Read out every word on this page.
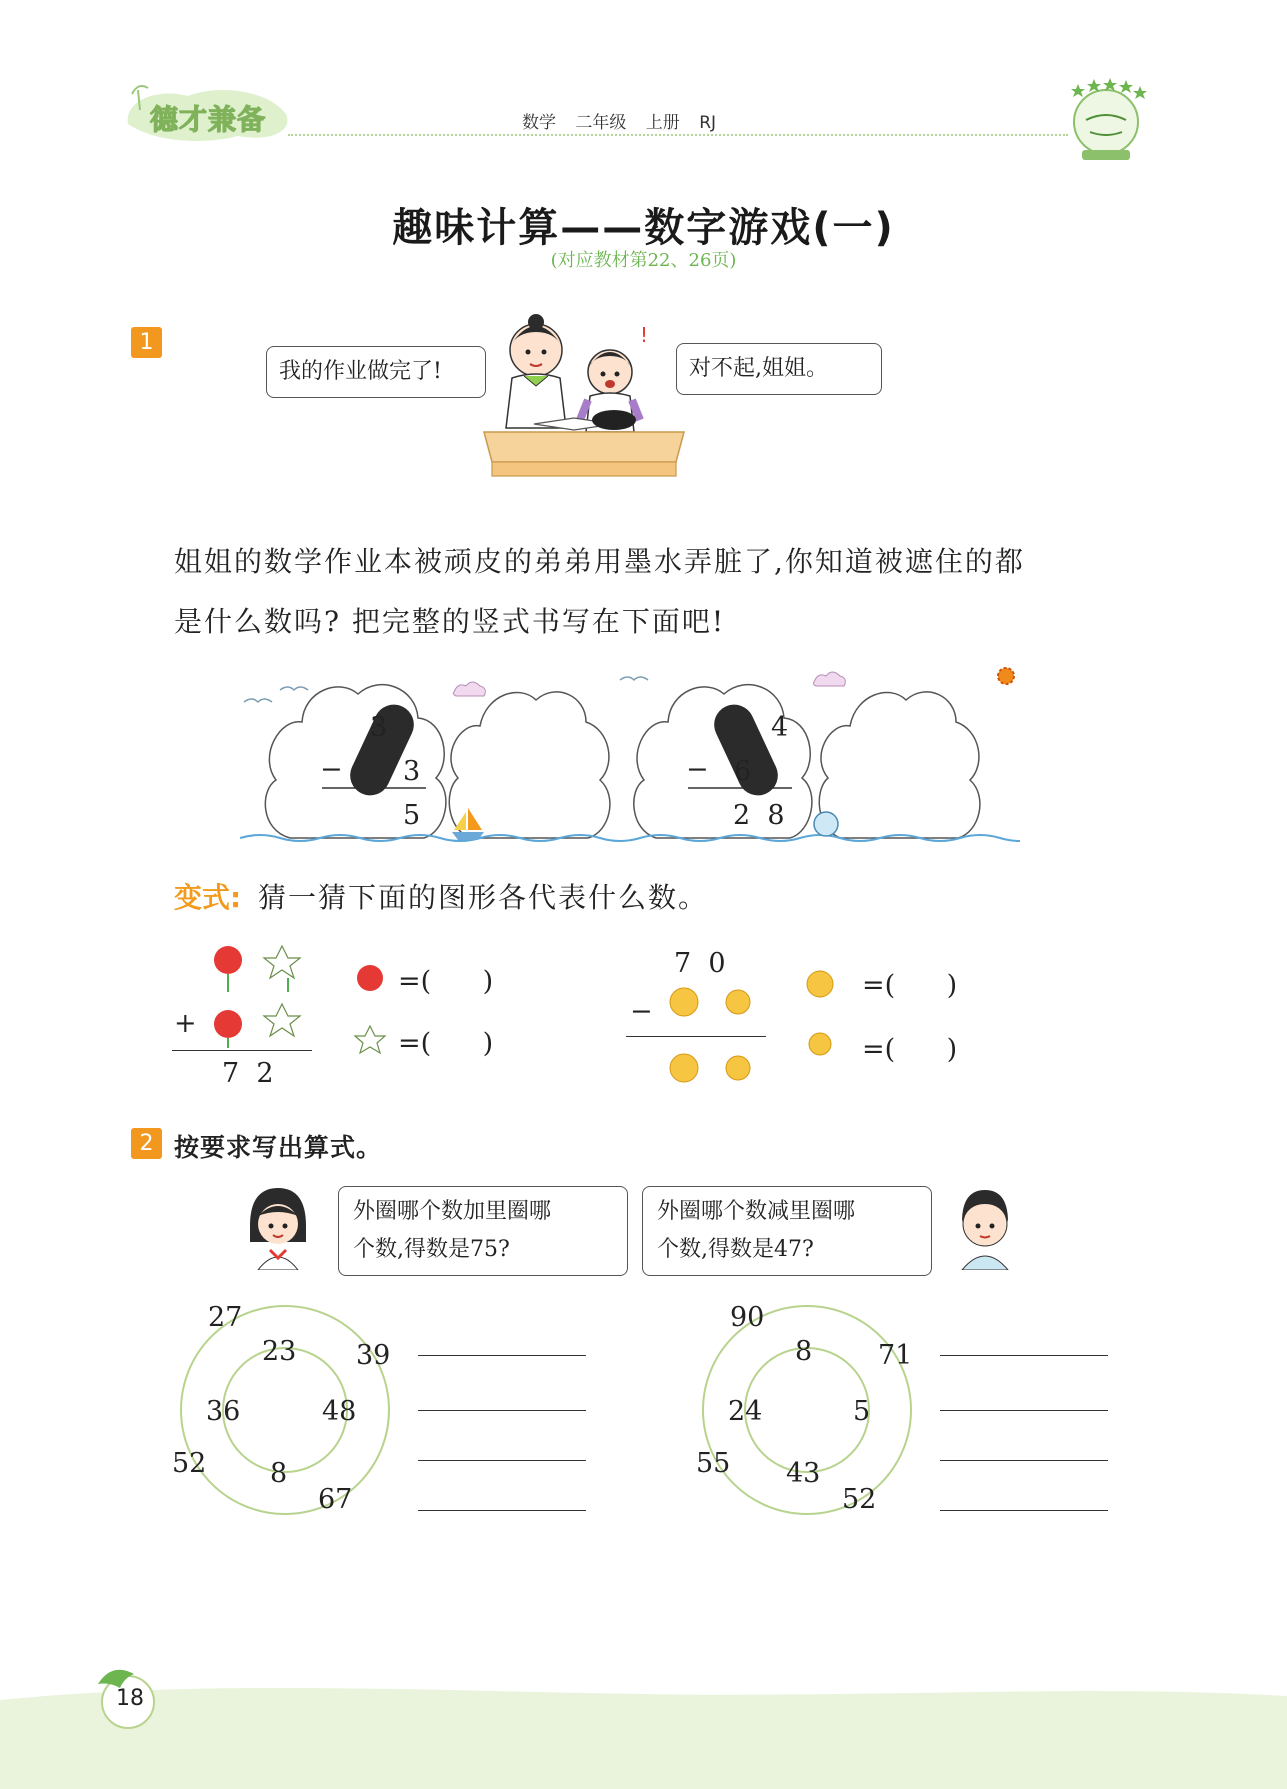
德才兼备	数学 二年级 上册 RJ
趣味计算——数字游戏(一)
(对应教材第22、26页)
1
我的作业做完了!	对不起,姐姐。
!
姐姐的数学作业本被顽皮的弟弟用墨水弄脏了,你知道被遮住的都
是什么数吗? 把完整的竖式书写在下面吧!
3
− 3
5
4
− 6
2  8
变式: 猜一猜下面的图形各代表什么数。
+
7  2
=(      )
=(      )
7  0
−
=(      )
=(      )
2 按要求写出算式。
外圈哪个数加里圈哪
个数,得数是75?
外圈哪个数减里圈哪
个数,得数是47?
27
39
52
67
23
36	48
8
90
71
55
52
8
24	5
43
18
